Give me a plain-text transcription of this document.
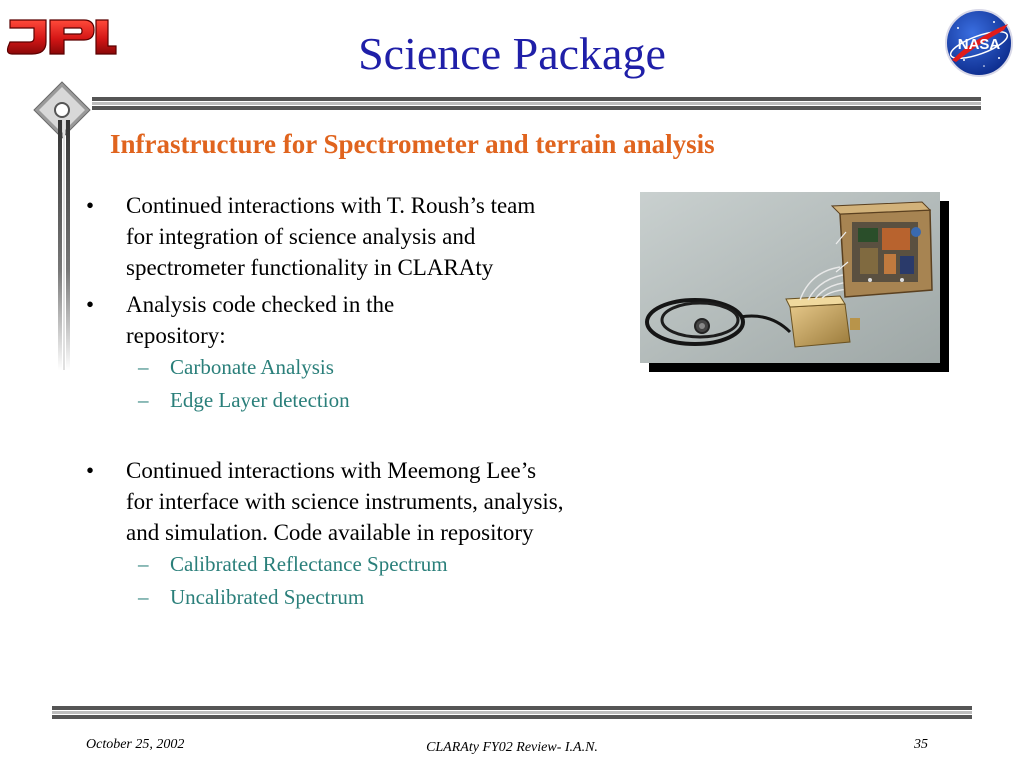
Science Package	NASA
Infrastructure for Spectrometer and terrain analysis
• Continued interactions with T. Roush’s team for integration of science analysis and spectrometer functionality in CLARAty
• Analysis code checked in the repository:
– Carbonate Analysis
– Edge Layer detection
• Continued interactions with Meemong Lee’s for interface with science instruments, analysis, and simulation. Code available in repository
– Calibrated Reflectance Spectrum
– Uncalibrated Spectrum
October 25, 2002	CLARAty FY02 Review- I.A.N.	35
